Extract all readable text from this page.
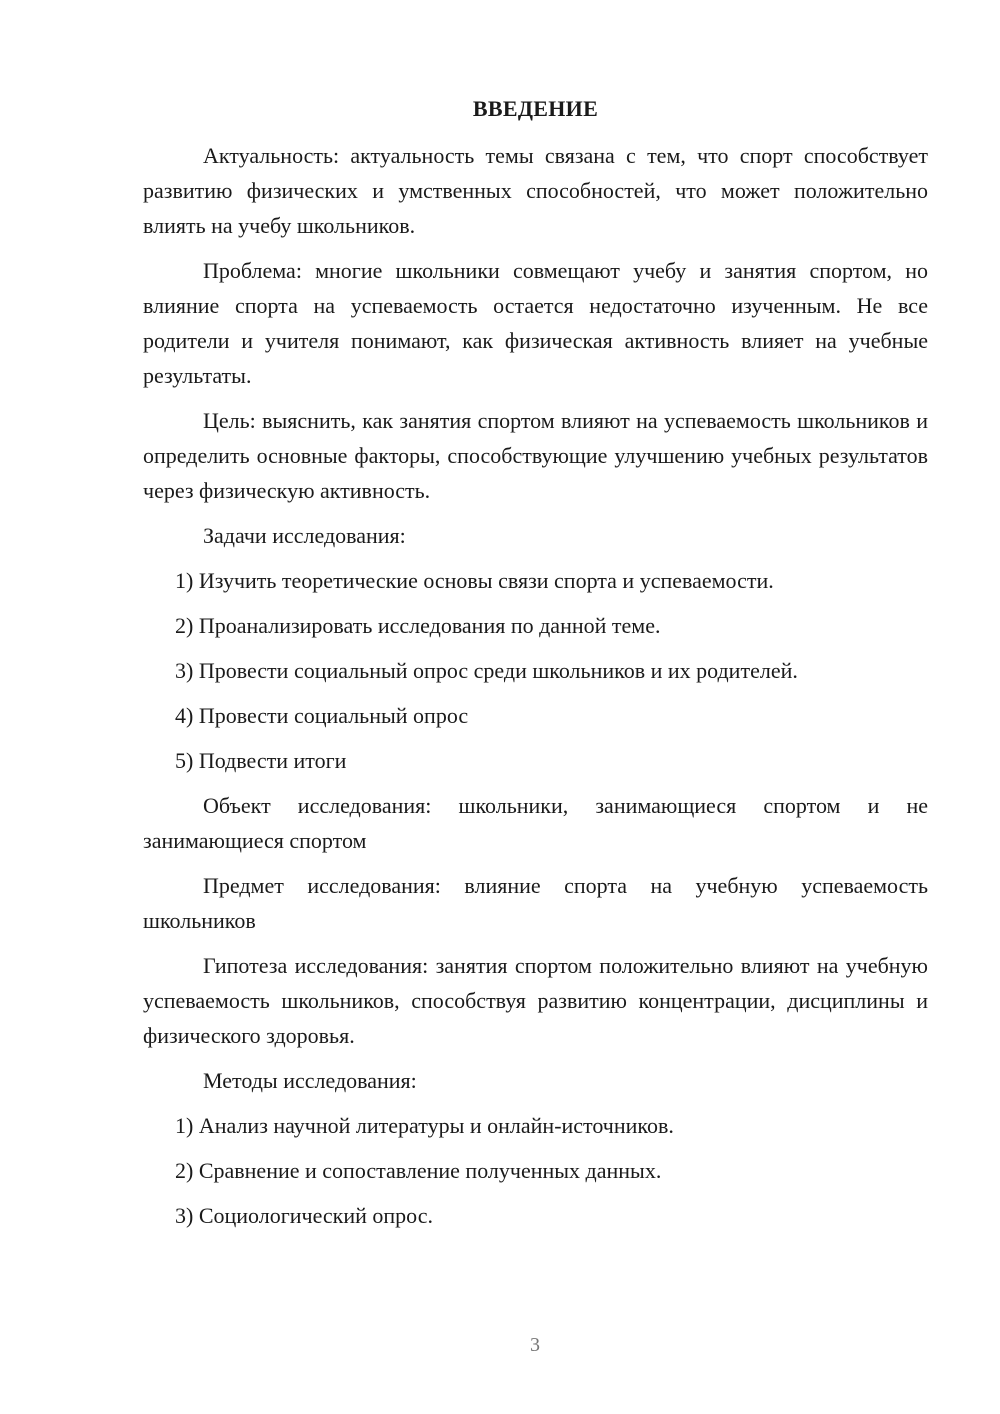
ВВЕДЕНИЕ

Актуальность: актуальность темы связана с тем, что спорт способствует развитию физических и умственных способностей, что может положительно влиять на учебу школьников.

Проблема: многие школьники совмещают учебу и занятия спортом, но влияние спорта на успеваемость остается недостаточно изученным. Не все родители и учителя понимают, как физическая активность влияет на учебные результаты.

Цель: выяснить, как занятия спортом влияют на успеваемость школьников и определить основные факторы, способствующие улучшению учебных результатов через физическую активность.

Задачи исследования:

1) Изучить теоретические основы связи спорта и успеваемости.
2) Проанализировать исследования по данной теме.
3) Провести социальный опрос среди школьников и их родителей.
4) Провести социальный опрос
5) Подвести итоги

Объект исследования: школьники, занимающиеся спортом и не занимающиеся спортом

Предмет исследования: влияние спорта на учебную успеваемость школьников

Гипотеза исследования: занятия спортом положительно влияют на учебную успеваемость школьников, способствуя развитию концентрации, дисциплины и физического здоровья.

Методы исследования:

1) Анализ научной литературы и онлайн-источников.
2) Сравнение и сопоставление полученных данных.
3) Социологический опрос.
3
